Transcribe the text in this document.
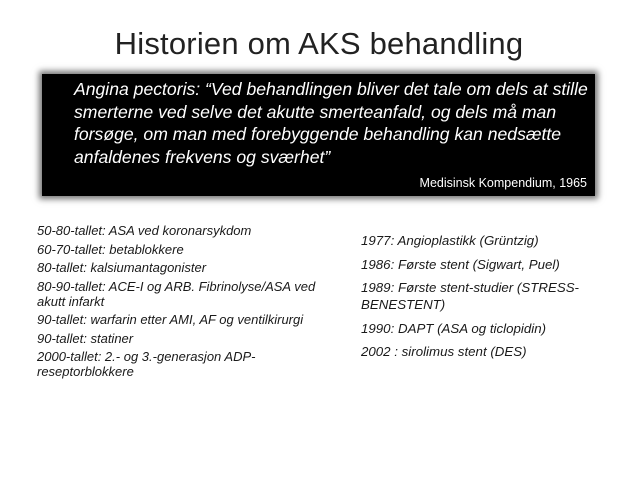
Historien om AKS behandling
Angina pectoris: “Ved behandlingen bliver det tale om dels at stille smerterne ved selve det akutte smerteanfald, og dels må man forsøge, om man med forebyggende behandling kan nedsætte anfaldenes frekvens og sværhet”
Medisinsk Kompendium, 1965
50-80-tallet: ASA ved koronarsykdom
60-70-tallet: betablokkere
80-tallet: kalsiumantagonister
80-90-tallet: ACE-I og ARB. Fibrinolyse/ASA ved akutt infarkt
90-tallet: warfarin etter AMI, AF og ventilkirurgi
90-tallet: statiner
2000-tallet: 2.- og 3.-generasjon ADP-reseptorblokkere
1977: Angioplastikk (Grüntzig)
1986: Første stent (Sigwart, Puel)
1989: Første stent-studier (STRESS-BENESTENT)
1990: DAPT (ASA og ticlopidin)
2002 : sirolimus stent (DES)
